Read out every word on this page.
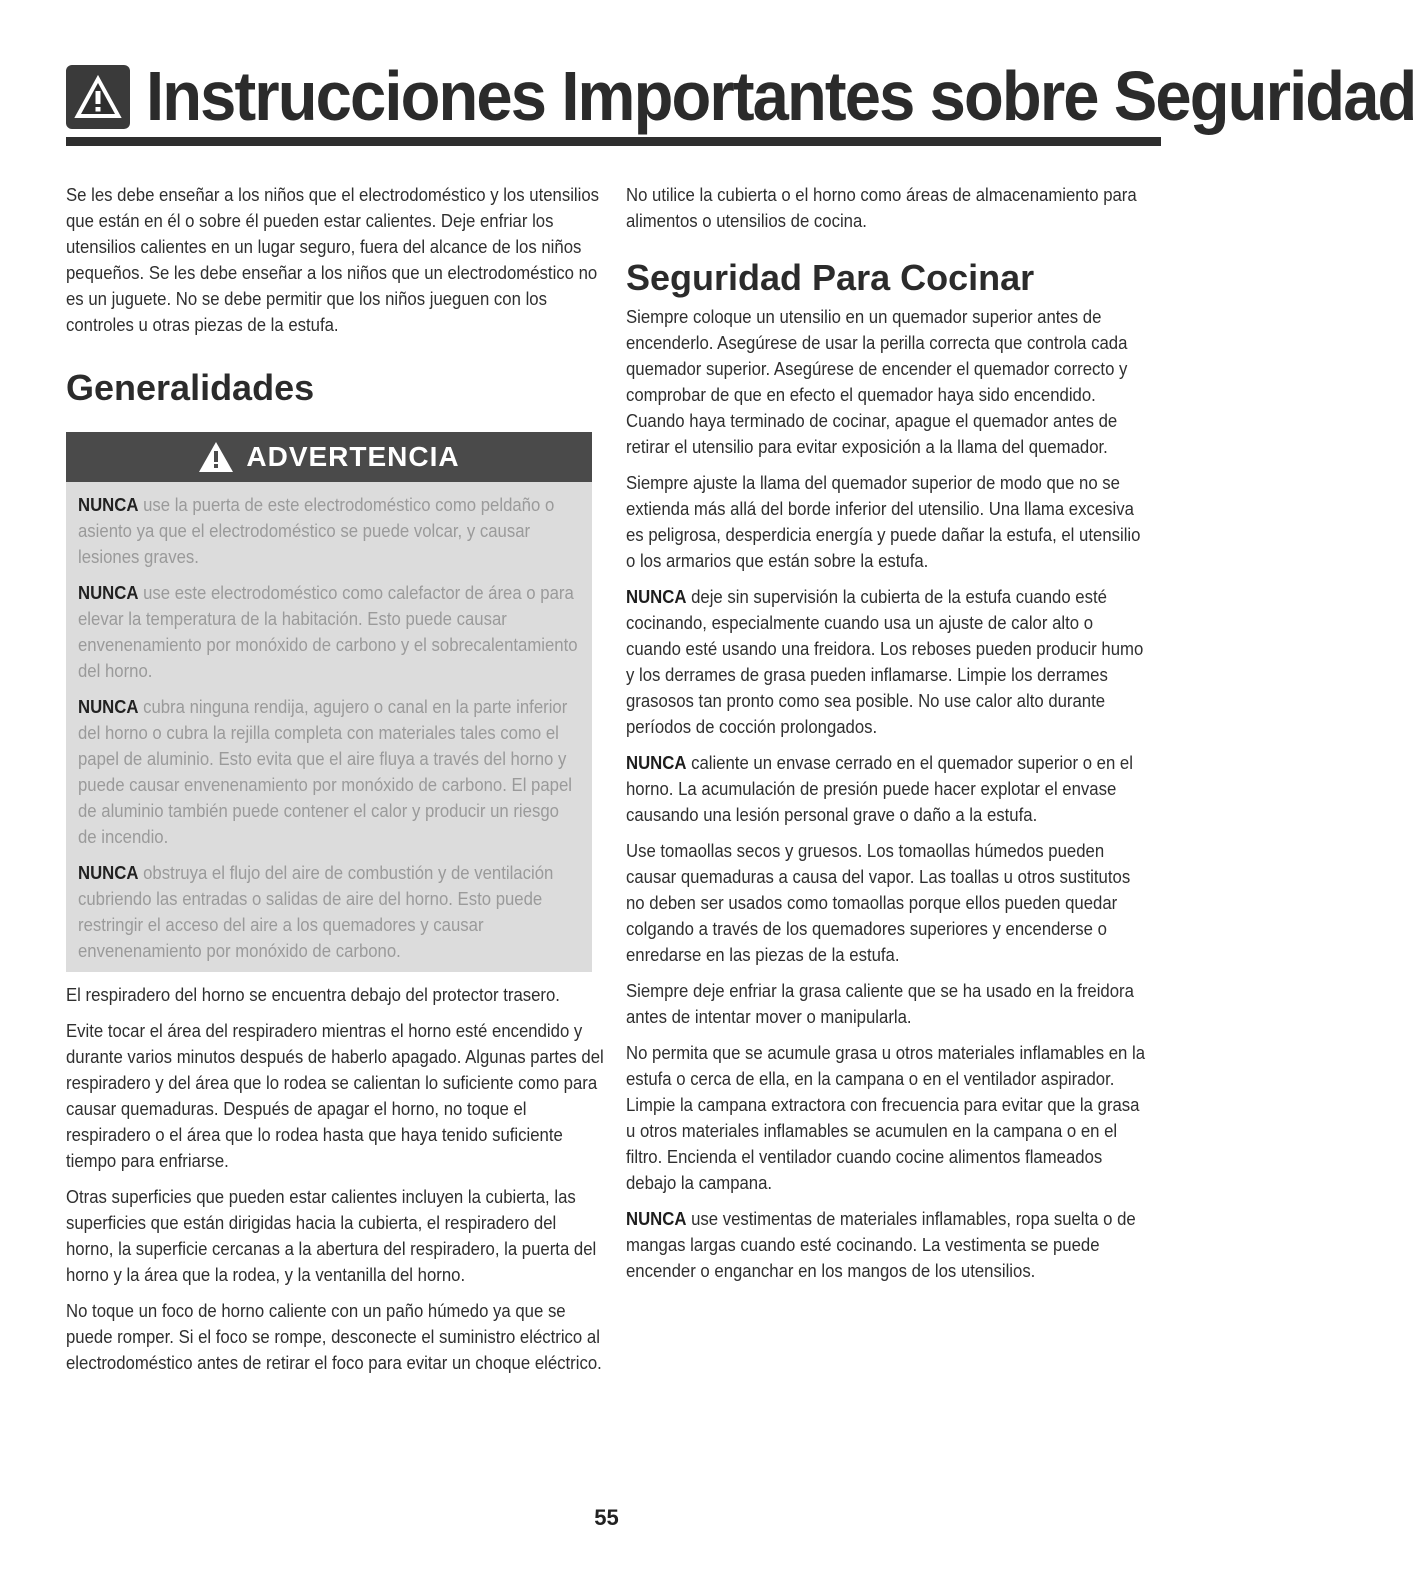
Instrucciones Importantes sobre Seguridad

Se les debe enseñar a los niños que el electrodoméstico y los utensilios que están en él o sobre él pueden estar calientes. Deje enfriar los utensilios calientes en un lugar seguro, fuera del alcance de los niños pequeños. Se les debe enseñar a los niños que un electrodoméstico no es un juguete. No se debe permitir que los niños jueguen con los controles u otras piezas de la estufa.

Generalidades
ADVERTENCIA

NUNCA use la puerta de este electrodoméstico como peldaño o asiento ya que el electrodoméstico se puede volcar, y causar lesiones graves.

NUNCA use este electrodoméstico como calefactor de área o para elevar la temperatura de la habitación. Esto puede causar envenenamiento por monóxido de carbono y el sobrecalentamiento del horno.

NUNCA cubra ninguna rendija, agujero o canal en la parte inferior del horno o cubra la rejilla completa con materiales tales como el papel de aluminio. Esto evita que el aire fluya a través del horno y puede causar envenenamiento por monóxido de carbono. El papel de aluminio también puede contener el calor y producir un riesgo de incendio.

NUNCA obstruya el flujo del aire de combustión y de ventilación cubriendo las entradas o salidas de aire del horno. Esto puede restringir el acceso del aire a los quemadores y causar envenenamiento por monóxido de carbono.

El respiradero del horno se encuentra debajo del protector trasero.

Evite tocar el área del respiradero mientras el horno esté encendido y durante varios minutos después de haberlo apagado. Algunas partes del respiradero y del área que lo rodea se calientan lo suficiente como para causar quemaduras. Después de apagar el horno, no toque el respiradero o el área que lo rodea hasta que haya tenido suficiente tiempo para enfriarse.

Otras superficies que pueden estar calientes incluyen la cubierta, las superficies que están dirigidas hacia la cubierta, el respiradero del horno, la superficie cercanas a la abertura del respiradero, la puerta del horno y la área que la rodea, y la ventanilla del horno.

No toque un foco de horno caliente con un paño húmedo ya que se puede romper. Si el foco se rompe, desconecte el suministro eléctrico al electrodoméstico antes de retirar el foco para evitar un choque eléctrico.

No utilice la cubierta o el horno como áreas de almacenamiento para alimentos o utensilios de cocina.

Seguridad Para Cocinar

Siempre coloque un utensilio en un quemador superior antes de encenderlo. Asegúrese de usar la perilla correcta que controla cada quemador superior. Asegúrese de encender el quemador correcto y comprobar de que en efecto el quemador haya sido encendido. Cuando haya terminado de cocinar, apague el quemador antes de retirar el utensilio para evitar exposición a la llama del quemador.

Siempre ajuste la llama del quemador superior de modo que no se extienda más allá del borde inferior del utensilio. Una llama excesiva es peligrosa, desperdicia energía y puede dañar la estufa, el utensilio o los armarios que están sobre la estufa.

NUNCA deje sin supervisión la cubierta de la estufa cuando esté cocinando, especialmente cuando usa un ajuste de calor alto o cuando esté usando una freidora. Los reboses pueden producir humo y los derrames de grasa pueden inflamarse. Limpie los derrames grasosos tan pronto como sea posible. No use calor alto durante períodos de cocción prolongados.

NUNCA caliente un envase cerrado en el quemador superior o en el horno. La acumulación de presión puede hacer explotar el envase causando una lesión personal grave o daño a la estufa.

Use tomaollas secos y gruesos. Los tomaollas húmedos pueden causar quemaduras a causa del vapor. Las toallas u otros sustitutos no deben ser usados como tomaollas porque ellos pueden quedar colgando a través de los quemadores superiores y encenderse o enredarse en las piezas de la estufa.

Siempre deje enfriar la grasa caliente que se ha usado en la freidora antes de intentar mover o manipularla.

No permita que se acumule grasa u otros materiales inflamables en la estufa o cerca de ella, en la campana o en el ventilador aspirador. Limpie la campana extractora con frecuencia para evitar que la grasa u otros materiales inflamables se acumulen en la campana o en el filtro. Encienda el ventilador cuando cocine alimentos flameados debajo la campana.

NUNCA use vestimentas de materiales inflamables, ropa suelta o de mangas largas cuando esté cocinando. La vestimenta se puede encender o enganchar en los mangos de los utensilios.

55
